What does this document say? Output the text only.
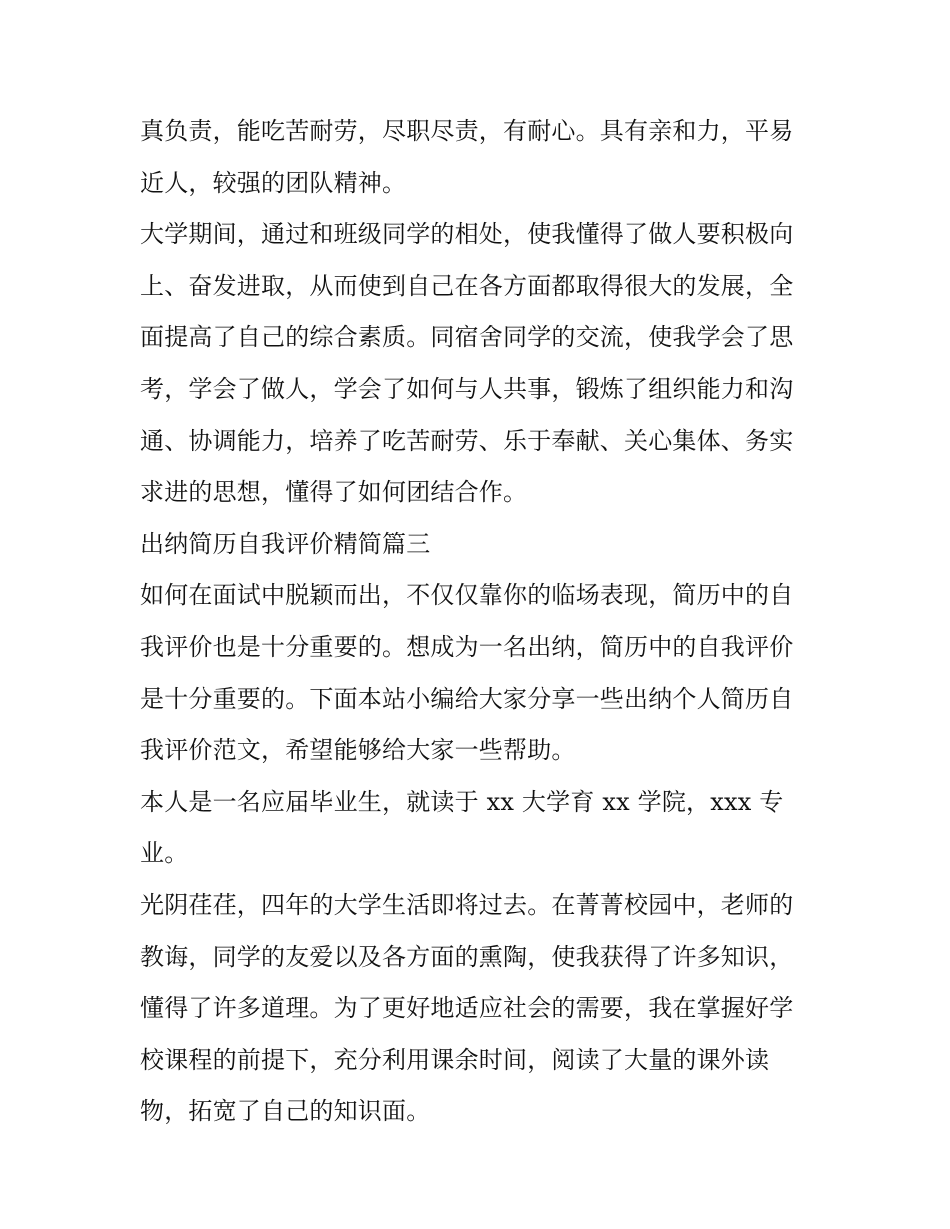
真负责，能吃苦耐劳，尽职尽责，有耐心。具有亲和力，平易
近人，较强的团队精神。
大学期间，通过和班级同学的相处，使我懂得了做人要积极向
上、奋发进取，从而使到自己在各方面都取得很大的发展，全
面提高了自己的综合素质。同宿舍同学的交流，使我学会了思
考，学会了做人，学会了如何与人共事，锻炼了组织能力和沟
通、协调能力，培养了吃苦耐劳、乐于奉献、关心集体、务实
求进的思想，懂得了如何团结合作。
出纳简历自我评价精简篇三
如何在面试中脱颖而出，不仅仅靠你的临场表现，简历中的自
我评价也是十分重要的。想成为一名出纳，简历中的自我评价
是十分重要的。下面本站小编给大家分享一些出纳个人简历自
我评价范文，希望能够给大家一些帮助。
本人是一名应届毕业生，就读于 xx 大学育 xx 学院，xxx 专
业。
光阴荏荏，四年的大学生活即将过去。在菁菁校园中，老师的
教诲，同学的友爱以及各方面的熏陶，使我获得了许多知识，
懂得了许多道理。为了更好地适应社会的需要，我在掌握好学
校课程的前提下，充分利用课余时间，阅读了大量的课外读
物，拓宽了自己的知识面。
